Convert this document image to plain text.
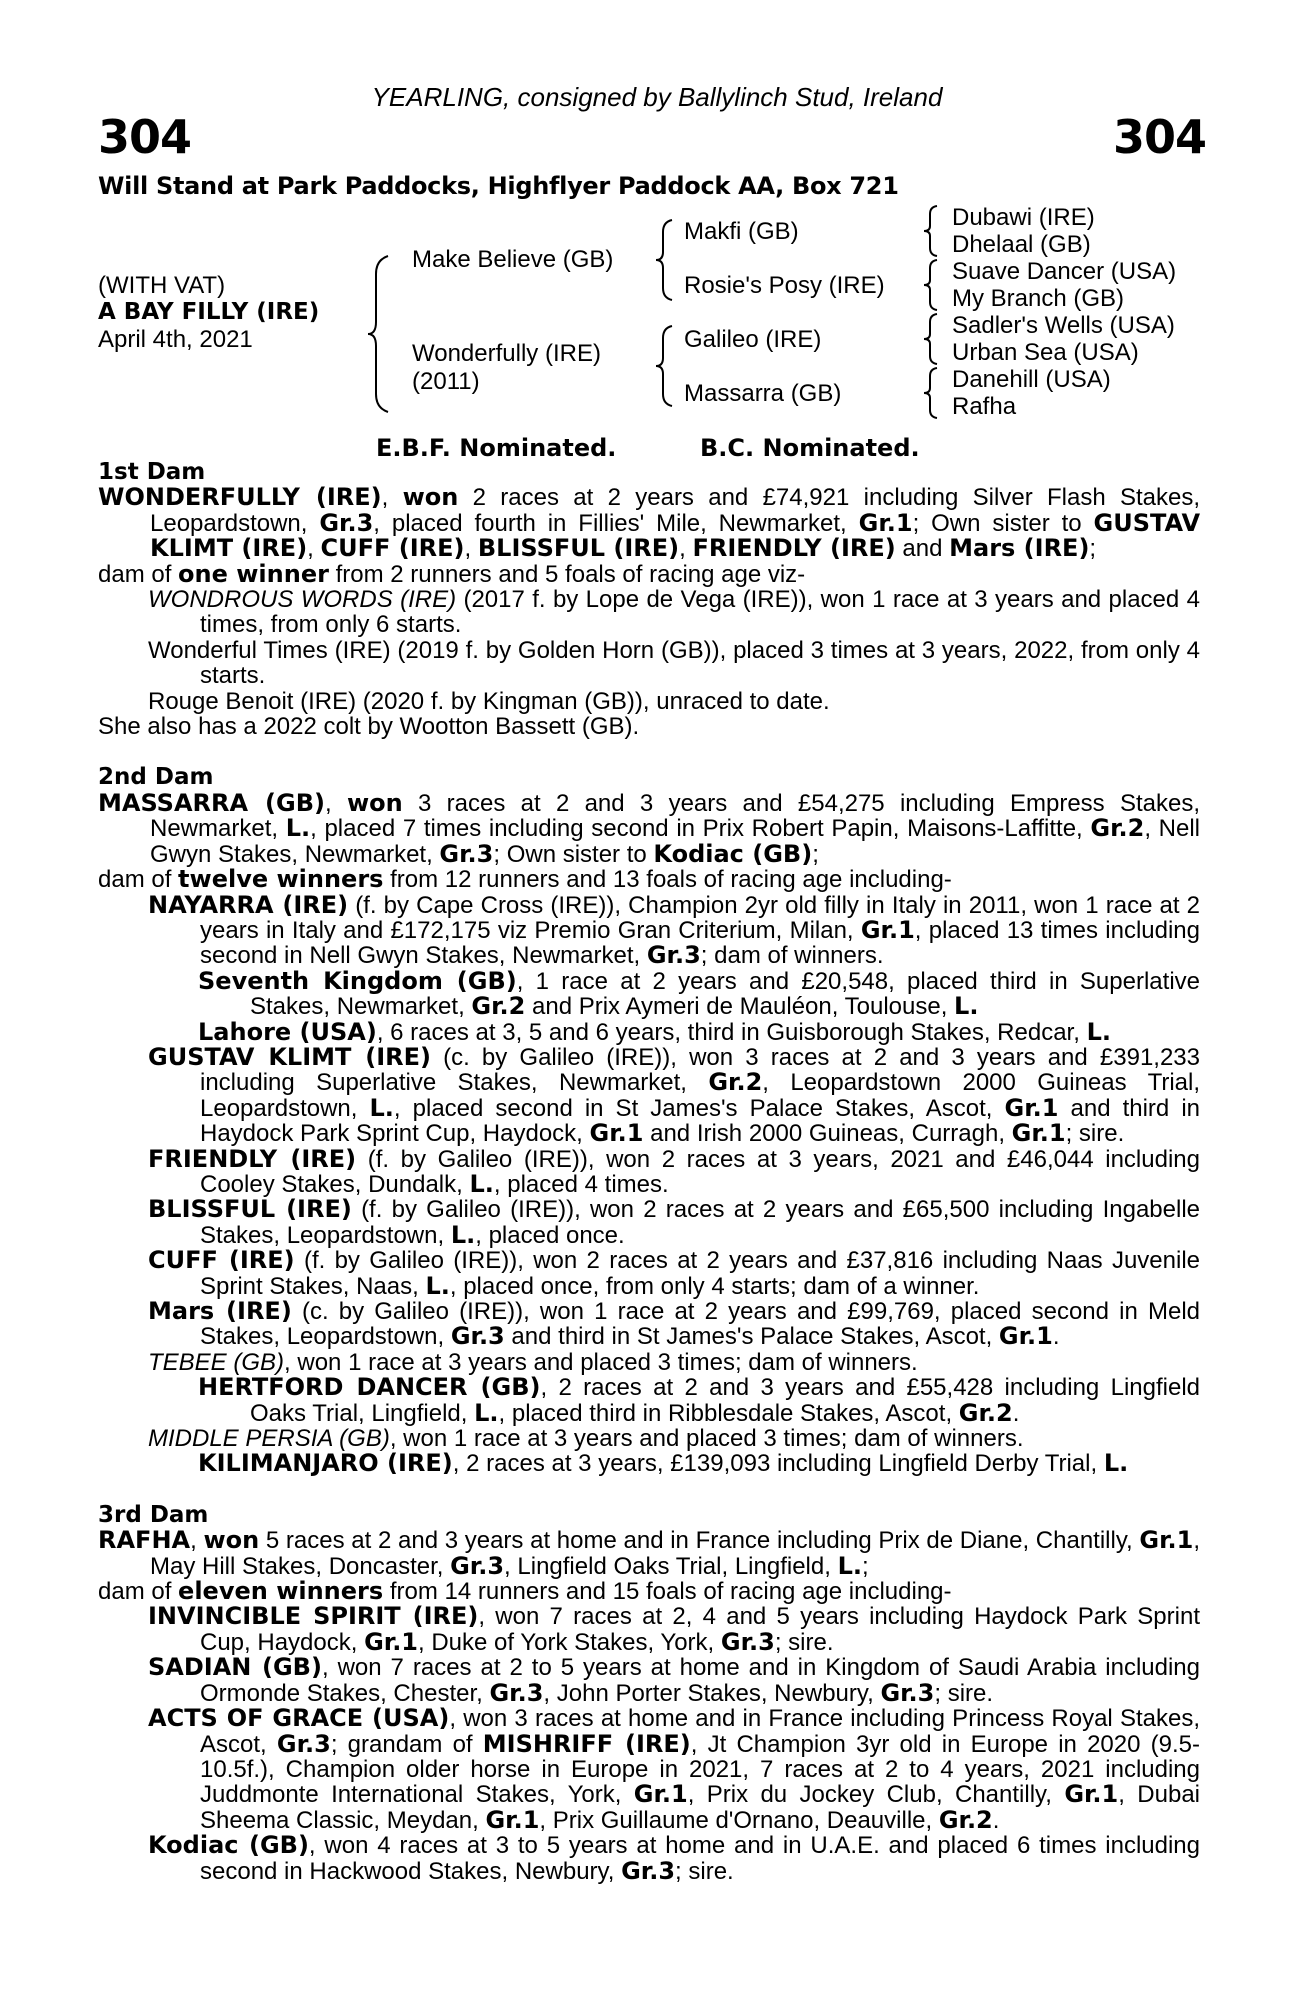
YEARLING, consigned by Ballylinch Stud, Ireland
304	304
Will Stand at Park Paddocks, Highflyer Paddock AA, Box 721
(WITH VAT)
A BAY FILLY (IRE)
April 4th, 2021
Make Believe (GB)
Wonderfully (IRE)
(2011)
Makfi (GB)
Rosie's Posy (IRE)
Galileo (IRE)
Massarra (GB)
Dubawi (IRE)
Dhelaal (GB)
Suave Dancer (USA)
My Branch (GB)
Sadler's Wells (USA)
Urban Sea (USA)
Danehill (USA)
Rafha
E.B.F. Nominated.	B.C. Nominated.
1st Dam

WONDERFULLY (IRE), won 2 races at 2 years and £74,921 including Silver Flash Stakes, Leopardstown, Gr.3, placed fourth in Fillies' Mile, Newmarket, Gr.1; Own sister to GUSTAV KLIMT (IRE), CUFF (IRE), BLISSFUL (IRE), FRIENDLY (IRE) and Mars (IRE);

dam of one winner from 2 runners and 5 foals of racing age viz-

WONDROUS WORDS (IRE) (2017 f. by Lope de Vega (IRE)), won 1 race at 3 years and placed 4 times, from only 6 starts.

Wonderful Times (IRE) (2019 f. by Golden Horn (GB)), placed 3 times at 3 years, 2022, from only 4 starts.

Rouge Benoit (IRE) (2020 f. by Kingman (GB)), unraced to date.

She also has a 2022 colt by Wootton Bassett (GB).

2nd Dam

MASSARRA (GB), won 3 races at 2 and 3 years and £54,275 including Empress Stakes, Newmarket, L., placed 7 times including second in Prix Robert Papin, Maisons-Laffitte, Gr.2, Nell Gwyn Stakes, Newmarket, Gr.3; Own sister to Kodiac (GB);

dam of twelve winners from 12 runners and 13 foals of racing age including-

NAYARRA (IRE) (f. by Cape Cross (IRE)), Champion 2yr old filly in Italy in 2011, won 1 race at 2 years in Italy and £172,175 viz Premio Gran Criterium, Milan, Gr.1, placed 13 times including second in Nell Gwyn Stakes, Newmarket, Gr.3; dam of winners.

Seventh Kingdom (GB), 1 race at 2 years and £20,548, placed third in Superlative Stakes, Newmarket, Gr.2 and Prix Aymeri de Mauléon, Toulouse, L.

Lahore (USA), 6 races at 3, 5 and 6 years, third in Guisborough Stakes, Redcar, L.

GUSTAV KLIMT (IRE) (c. by Galileo (IRE)), won 3 races at 2 and 3 years and £391,233 including Superlative Stakes, Newmarket, Gr.2, Leopardstown 2000 Guineas Trial, Leopardstown, L., placed second in St James's Palace Stakes, Ascot, Gr.1 and third in Haydock Park Sprint Cup, Haydock, Gr.1 and Irish 2000 Guineas, Curragh, Gr.1; sire.

FRIENDLY (IRE) (f. by Galileo (IRE)), won 2 races at 3 years, 2021 and £46,044 including Cooley Stakes, Dundalk, L., placed 4 times.

BLISSFUL (IRE) (f. by Galileo (IRE)), won 2 races at 2 years and £65,500 including Ingabelle Stakes, Leopardstown, L., placed once.

CUFF (IRE) (f. by Galileo (IRE)), won 2 races at 2 years and £37,816 including Naas Juvenile Sprint Stakes, Naas, L., placed once, from only 4 starts; dam of a winner.

Mars (IRE) (c. by Galileo (IRE)), won 1 race at 2 years and £99,769, placed second in Meld Stakes, Leopardstown, Gr.3 and third in St James's Palace Stakes, Ascot, Gr.1.

TEBEE (GB), won 1 race at 3 years and placed 3 times; dam of winners.

HERTFORD DANCER (GB), 2 races at 2 and 3 years and £55,428 including Lingfield Oaks Trial, Lingfield, L., placed third in Ribblesdale Stakes, Ascot, Gr.2.

MIDDLE PERSIA (GB), won 1 race at 3 years and placed 3 times; dam of winners.

KILIMANJARO (IRE), 2 races at 3 years, £139,093 including Lingfield Derby Trial, L.

3rd Dam

RAFHA, won 5 races at 2 and 3 years at home and in France including Prix de Diane, Chantilly, Gr.1, May Hill Stakes, Doncaster, Gr.3, Lingfield Oaks Trial, Lingfield, L.;

dam of eleven winners from 14 runners and 15 foals of racing age including-

INVINCIBLE SPIRIT (IRE), won 7 races at 2, 4 and 5 years including Haydock Park Sprint Cup, Haydock, Gr.1, Duke of York Stakes, York, Gr.3; sire.

SADIAN (GB), won 7 races at 2 to 5 years at home and in Kingdom of Saudi Arabia including Ormonde Stakes, Chester, Gr.3, John Porter Stakes, Newbury, Gr.3; sire.

ACTS OF GRACE (USA), won 3 races at home and in France including Princess Royal Stakes, Ascot, Gr.3; grandam of MISHRIFF (IRE), Jt Champion 3yr old in Europe in 2020 (9.5-10.5f.), Champion older horse in Europe in 2021, 7 races at 2 to 4 years, 2021 including Juddmonte International Stakes, York, Gr.1, Prix du Jockey Club, Chantilly, Gr.1, Dubai Sheema Classic, Meydan, Gr.1, Prix Guillaume d'Ornano, Deauville, Gr.2.

Kodiac (GB), won 4 races at 3 to 5 years at home and in U.A.E. and placed 6 times including second in Hackwood Stakes, Newbury, Gr.3; sire.
